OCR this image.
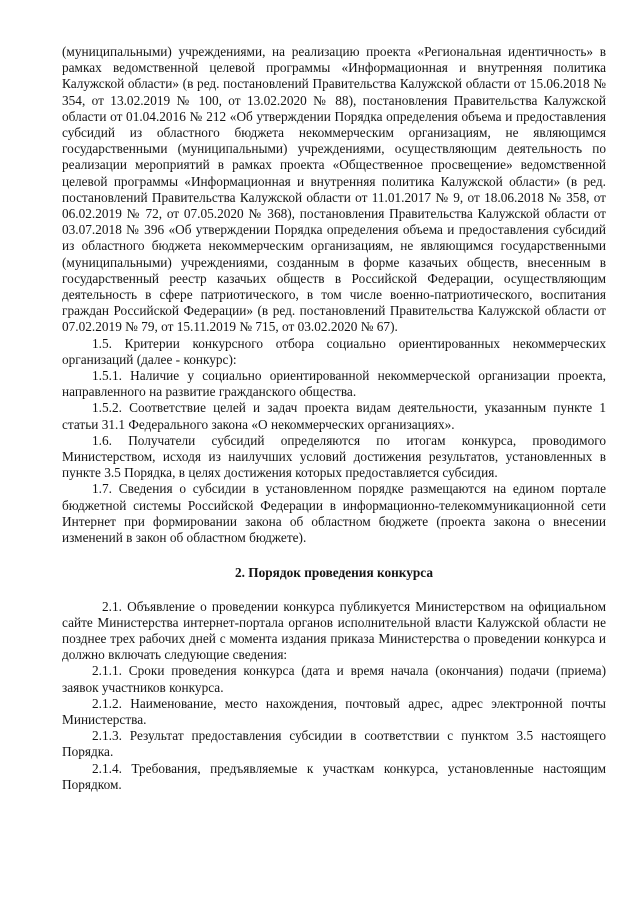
(муниципальными) учреждениями, на реализацию проекта «Региональная идентичность» в рамках ведомственной целевой программы «Информационная и внутренняя политика Калужской области» (в ред. постановлений Правительства Калужской области от 15.06.2018 № 354, от 13.02.2019 № 100, от 13.02.2020 № 88), постановления Правительства Калужской области от 01.04.2016 № 212 «Об утверждении Порядка определения объема и предоставления субсидий из областного бюджета некоммерческим организациям, не являющимся государственными (муниципальными) учреждениями, осуществляющим деятельность по реализации мероприятий в рамках проекта «Общественное просвещение» ведомственной целевой программы «Информационная и внутренняя политика Калужской области» (в ред. постановлений Правительства Калужской области от 11.01.2017 № 9, от 18.06.2018 № 358, от 06.02.2019 № 72, от 07.05.2020 № 368), постановления Правительства Калужской области от 03.07.2018 № 396 «Об утверждении Порядка определения объема и предоставления субсидий из областного бюджета некоммерческим организациям, не являющимся государственными (муниципальными) учреждениями, созданным в форме казачьих обществ, внесенным в государственный реестр казачьих обществ в Российской Федерации, осуществляющим деятельность в сфере патриотического, в том числе военно-патриотического, воспитания граждан Российской Федерации» (в ред. постановлений Правительства Калужской области от 07.02.2019 № 79, от 15.11.2019 № 715, от 03.02.2020 № 67).

1.5. Критерии конкурсного отбора социально ориентированных некоммерческих организаций (далее - конкурс):

1.5.1. Наличие у социально ориентированной некоммерческой организации проекта, направленного на развитие гражданского общества.

1.5.2. Соответствие целей и задач проекта видам деятельности, указанным пункте 1 статьи 31.1 Федерального закона «О некоммерческих организациях».

1.6. Получатели субсидий определяются по итогам конкурса, проводимого Министерством, исходя из наилучших условий достижения результатов, установленных в пункте 3.5 Порядка, в целях достижения которых предоставляется субсидия.

1.7. Сведения о субсидии в установленном порядке размещаются на едином портале бюджетной системы Российской Федерации в информационно-телекоммуникационной сети Интернет при формировании закона об областном бюджете (проекта закона о внесении изменений в закон об областном бюджете).

2. Порядок проведения конкурса

2.1. Объявление о проведении конкурса публикуется Министерством на официальном сайте Министерства интернет-портала органов исполнительной власти Калужской области не позднее трех рабочих дней с момента издания приказа Министерства о проведении конкурса и должно включать следующие сведения:

2.1.1. Сроки проведения конкурса (дата и время начала (окончания) подачи (приема) заявок участников конкурса.

2.1.2. Наименование, место нахождения, почтовый адрес, адрес электронной почты Министерства.

2.1.3. Результат предоставления субсидии в соответствии с пунктом 3.5 настоящего Порядка.

2.1.4. Требования, предъявляемые к участкам конкурса, установленные настоящим Порядком.
